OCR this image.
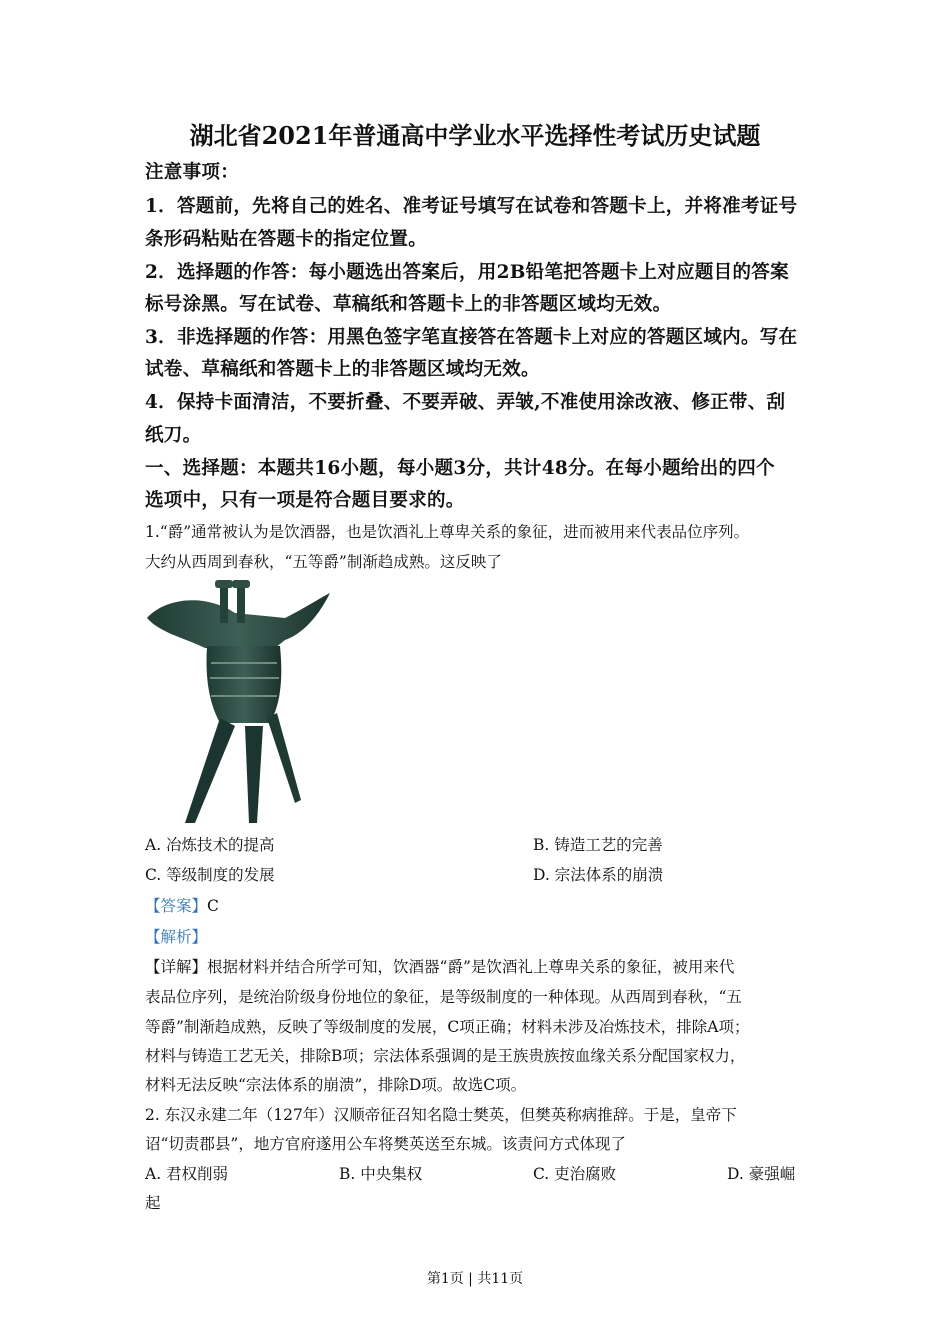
湖北省2021年普通高中学业水平选择性考试历史试题
注意事项：
1．答题前，先将自己的姓名、准考证号填写在试卷和答题卡上，并将准考证号
条形码粘贴在答题卡的指定位置。
2．选择题的作答：每小题选出答案后，用2B铅笔把答题卡上对应题目的答案
标号涂黑。写在试卷、草稿纸和答题卡上的非答题区域均无效。
3．非选择题的作答：用黑色签字笔直接答在答题卡上对应的答题区域内。写在
试卷、草稿纸和答题卡上的非答题区域均无效。
4．保持卡面清洁，不要折叠、不要弄破、弄皱,不准使用涂改液、修正带、刮
纸刀。
一、选择题：本题共16小题，每小题3分，共计48分。在每小题给出的四个
选项中，只有一项是符合题目要求的。
1.“爵”通常被认为是饮酒器，也是饮酒礼上尊卑关系的象征，进而被用来代表品位序列。
大约从西周到春秋，“五等爵”制渐趋成熟。这反映了
A. 冶炼技术的提高	B. 铸造工艺的完善
C. 等级制度的发展	D. 宗法体系的崩溃
【答案】C
【解析】
【详解】根据材料并结合所学可知，饮酒器“爵”是饮酒礼上尊卑关系的象征，被用来代
表品位序列，是统治阶级身份地位的象征，是等级制度的一种体现。从西周到春秋，“五
等爵”制渐趋成熟，反映了等级制度的发展，C项正确；材料未涉及冶炼技术，排除A项；
材料与铸造工艺无关，排除B项；宗法体系强调的是王族贵族按血缘关系分配国家权力，
材料无法反映“宗法体系的崩溃”，排除D项。故选C项。
2. 东汉永建二年（127年）汉顺帝征召知名隐士樊英，但樊英称病推辞。于是，皇帝下
诏“切责郡县”，地方官府遂用公车将樊英送至东城。该责问方式体现了
A. 君权削弱	B. 中央集权	C. 吏治腐败	D. 豪强崛
起
第1页 | 共11页
